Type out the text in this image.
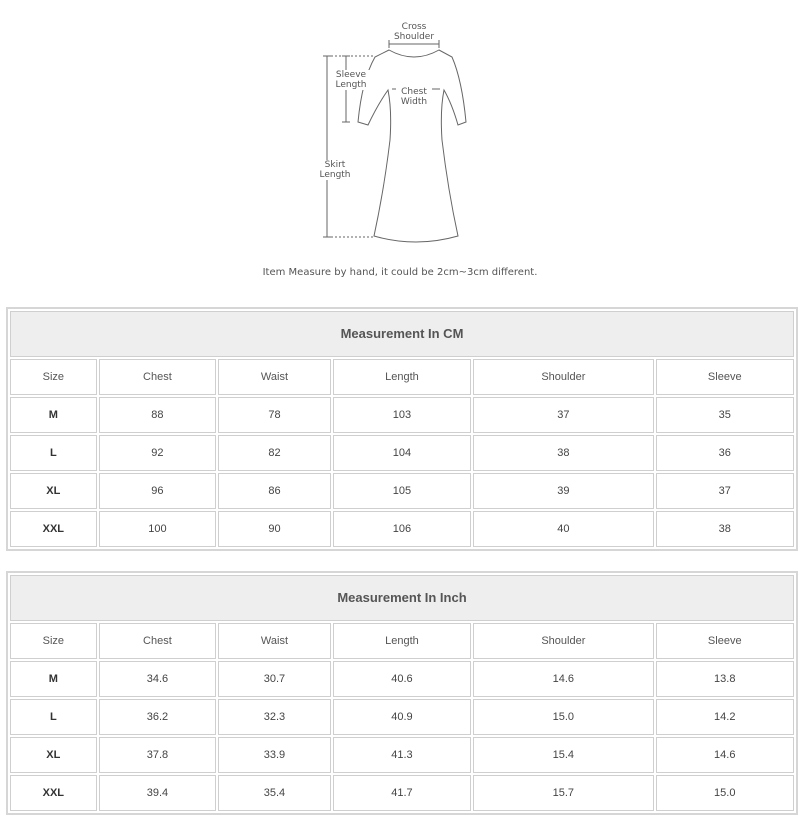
Cross
Shoulder
Sleeve
Length
Chest
Width
Skirt
Length
Item Measure by hand, it could be 2cm~3cm different.
Measurement In CM
Size	Chest	Waist	Length	Shoulder	Sleeve
M	88	78	103	37	35
L	92	82	104	38	36
XL	96	86	105	39	37
XXL	100	90	106	40	38
Measurement In Inch
Size	Chest	Waist	Length	Shoulder	Sleeve
M	34.6	30.7	40.6	14.6	13.8
L	36.2	32.3	40.9	15.0	14.2
XL	37.8	33.9	41.3	15.4	14.6
XXL	39.4	35.4	41.7	15.7	15.0
